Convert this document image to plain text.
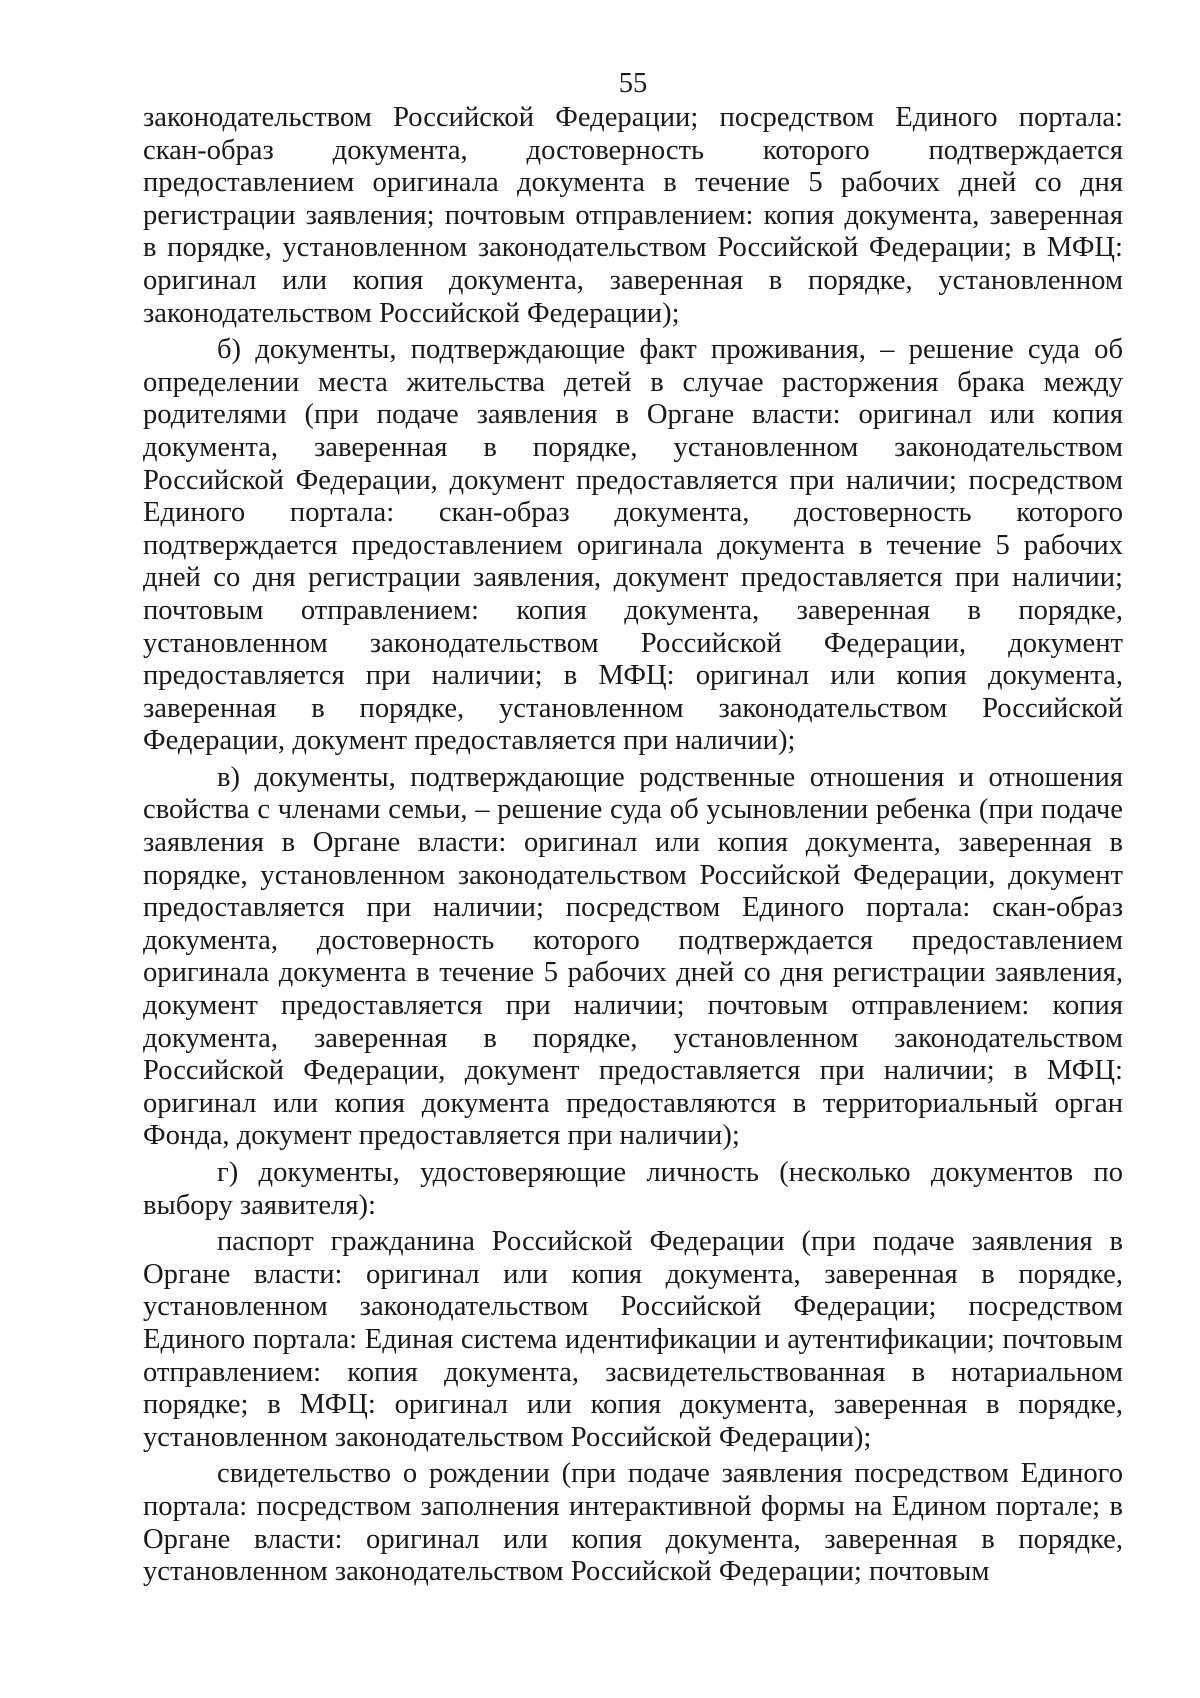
55

законодательством Российской Федерации; посредством Единого портала: скан-образ документа, достоверность которого подтверждается предоставлением оригинала документа в течение 5 рабочих дней со дня регистрации заявления; почтовым отправлением: копия документа, заверенная в порядке, установленном законодательством Российской Федерации; в МФЦ: оригинал или копия документа, заверенная в порядке, установленном законодательством Российской Федерации);

б) документы, подтверждающие факт проживания, – решение суда об определении места жительства детей в случае расторжения брака между родителями (при подаче заявления в Органе власти: оригинал или копия документа, заверенная в порядке, установленном законодательством Российской Федерации, документ предоставляется при наличии; посредством Единого портала: скан-образ документа, достоверность которого подтверждается предоставлением оригинала документа в течение 5 рабочих дней со дня регистрации заявления, документ предоставляется при наличии; почтовым отправлением: копия документа, заверенная в порядке, установленном законодательством Российской Федерации, документ предоставляется при наличии; в МФЦ: оригинал или копия документа, заверенная в порядке, установленном законодательством Российской Федерации, документ предоставляется при наличии);

в) документы, подтверждающие родственные отношения и отношения свойства с членами семьи, – решение суда об усыновлении ребенка (при подаче заявления в Органе власти: оригинал или копия документа, заверенная в порядке, установленном законодательством Российской Федерации, документ предоставляется при наличии; посредством Единого портала: скан-образ документа, достоверность которого подтверждается предоставлением оригинала документа в течение 5 рабочих дней со дня регистрации заявления, документ предоставляется при наличии; почтовым отправлением: копия документа, заверенная в порядке, установленном законодательством Российской Федерации, документ предоставляется при наличии; в МФЦ: оригинал или копия документа предоставляются в территориальный орган Фонда, документ предоставляется при наличии);

г) документы, удостоверяющие личность (несколько документов по выбору заявителя):

паспорт гражданина Российской Федерации (при подаче заявления в Органе власти: оригинал или копия документа, заверенная в порядке, установленном законодательством Российской Федерации; посредством Единого портала: Единая система идентификации и аутентификации; почтовым отправлением: копия документа, засвидетельствованная в нотариальном порядке; в МФЦ: оригинал или копия документа, заверенная в порядке, установленном законодательством Российской Федерации);

свидетельство о рождении (при подаче заявления посредством Единого портала: посредством заполнения интерактивной формы на Едином портале; в Органе власти: оригинал или копия документа, заверенная в порядке, установленном законодательством Российской Федерации; почтовым
